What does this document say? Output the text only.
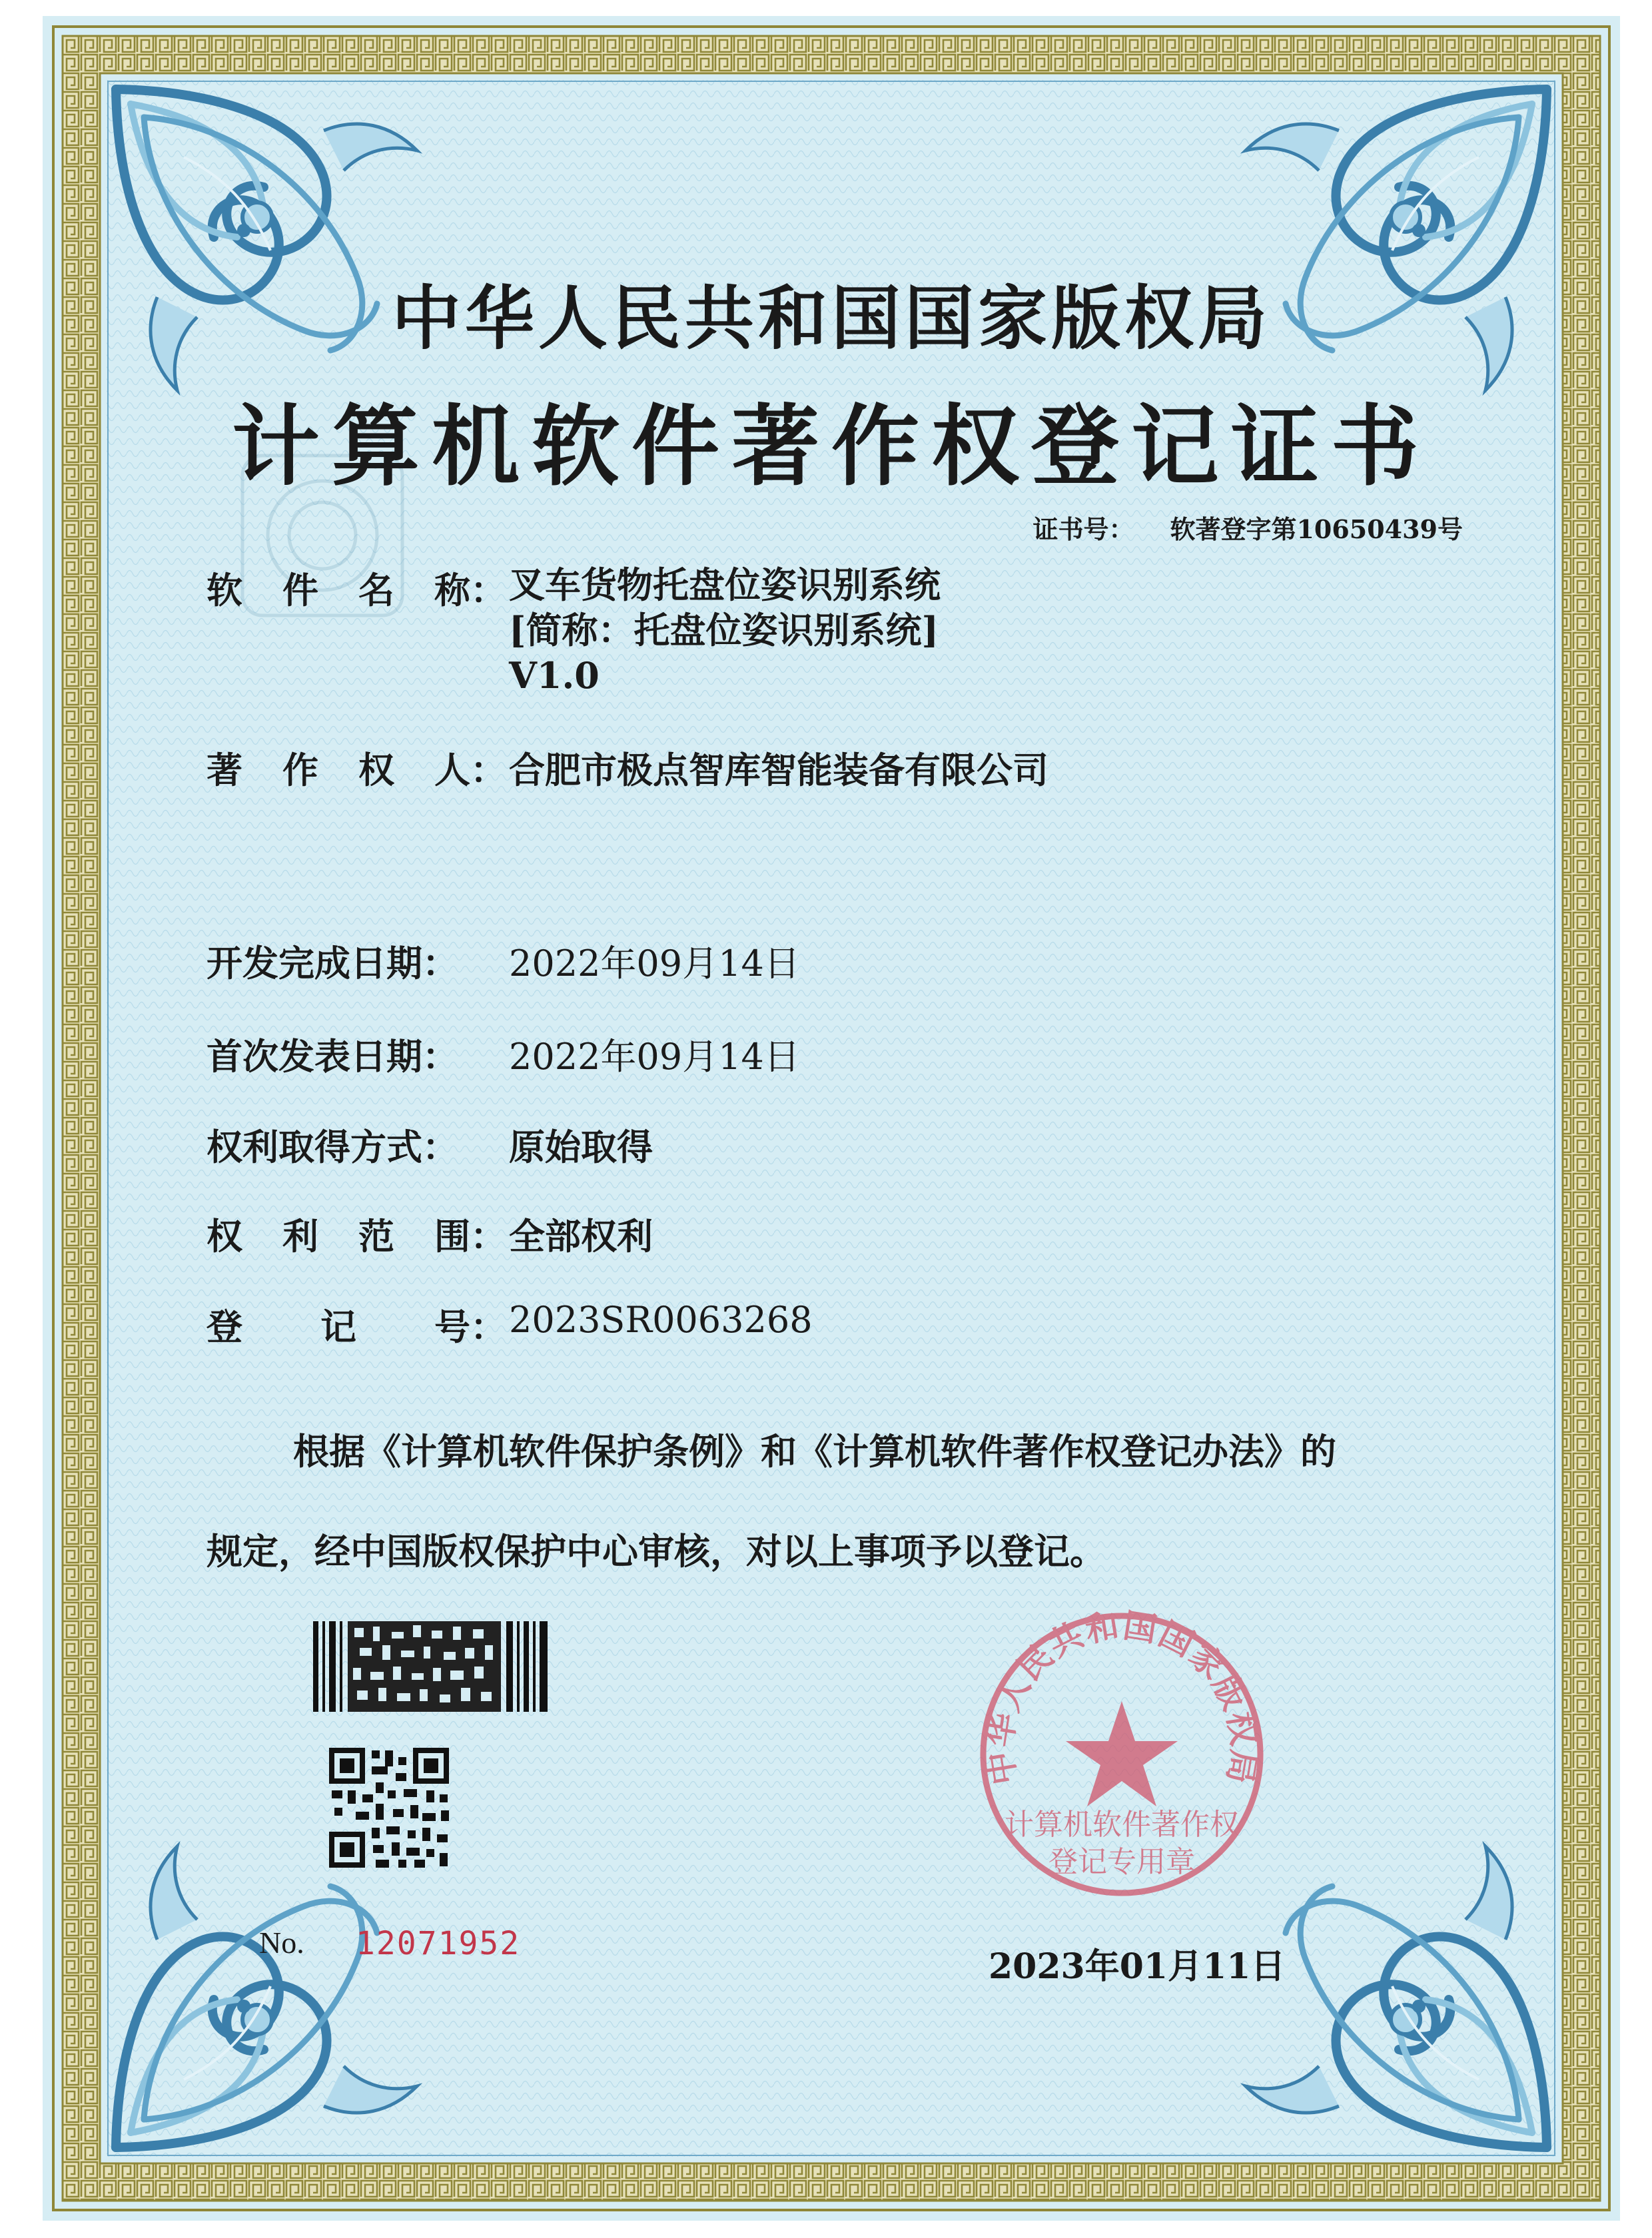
中华人民共和国国家版权局
计算机软件著作权登记证书
证书号： 软著登字第10650439号
软 件 名 称： 叉车货物托盘位姿识别系统
[简称：托盘位姿识别系统]
V1.0
著 作 权 人： 合肥市极点智库智能装备有限公司
开发完成日期： 2022年09月14日
首次发表日期： 2022年09月14日
权利取得方式： 原始取得
权 利 范 围： 全部权利
登 记 号： 2023SR0063268
根据《计算机软件保护条例》和《计算机软件著作权登记办法》的
规定，经中国版权保护中心审核，对以上事项予以登记。
No. 12071952
中华人民共和国国家版权局
计算机软件著作权
登记专用章
2023年01月11日
